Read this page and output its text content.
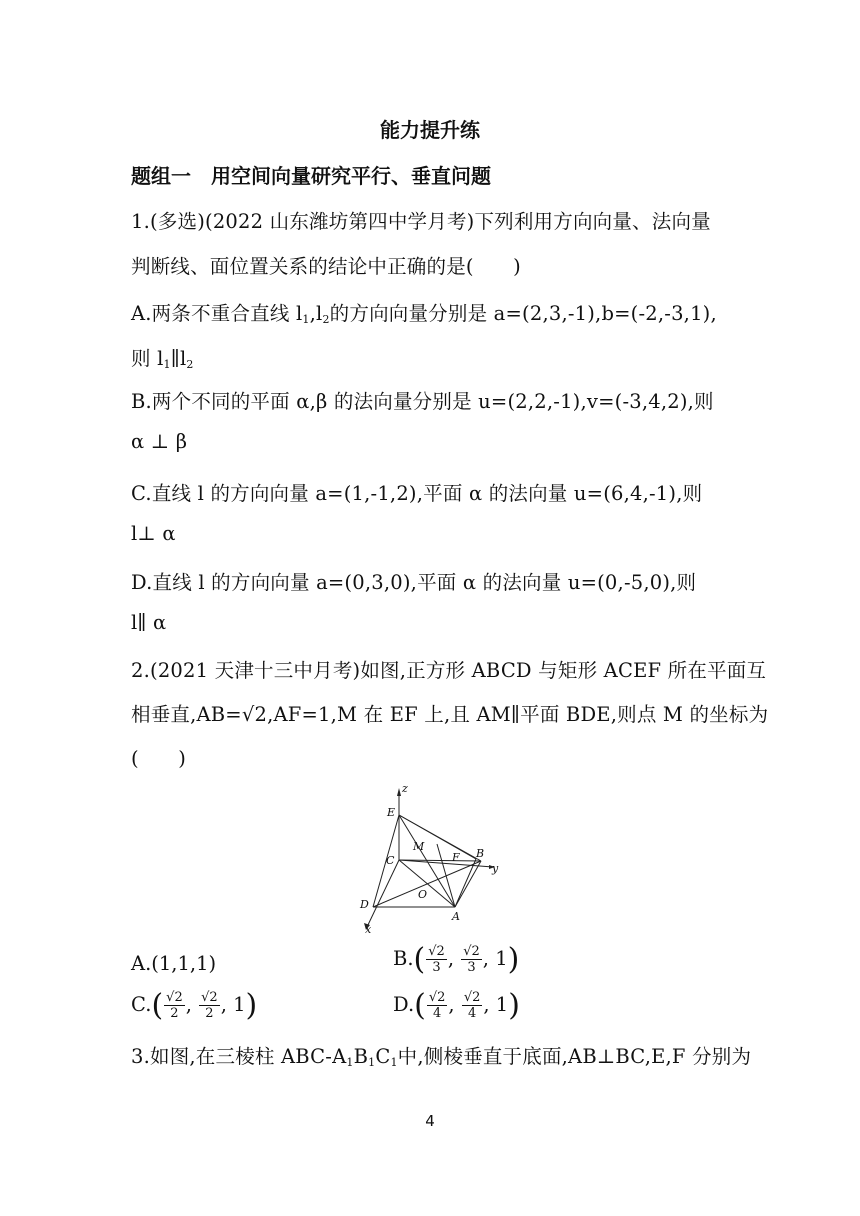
能力提升练
题组一　用空间向量研究平行、垂直问题
1.(多选)(2022 山东潍坊第四中学月考)下列利用方向向量、法向量
判断线、面位置关系的结论中正确的是(　　)
A.两条不重合直线 $l_1,l_2$的方向向量分别是 a=(2,3,-1),b=(-2,-3,1),
则 $l_1\parallel l_2$
B.两个不同的平面 α,β 的法向量分别是 u=(2,2,-1),v=(-3,4,2),则
α ⊥ β
C.直线 l 的方向向量 a=(1,-1,2),平面 α 的法向量 u=(6,4,-1),则
l⊥ α
D.直线 l 的方向向量 a=(0,3,0),平面 α 的法向量 u=(0,-5,0),则
l∥ α
2.(2021 天津十三中月考)如图,正方形 ABCD 与矩形 ACEF 所在平面互
相垂直,AB=√2,AF=1,M 在 EF 上,且 AM∥平面 BDE,则点 M 的坐标为
(　　)
z
E
M
F B
y
C
O
D
A
x
A.(1,1,1)	$B.( \frac{√2}{3}$ , $\frac{√2}{3}$ , 1)
$C.( \frac{√2}{2}$ , $\frac{√2}{2}$ , 1)	$D.( \frac{√2}{4}$ , $\frac{√2}{4}$ , 1)
3.如图,在三棱柱 ABC-$A_1B_1C_1$中,侧棱垂直于底面,AB⊥BC,E,F 分别为
4
